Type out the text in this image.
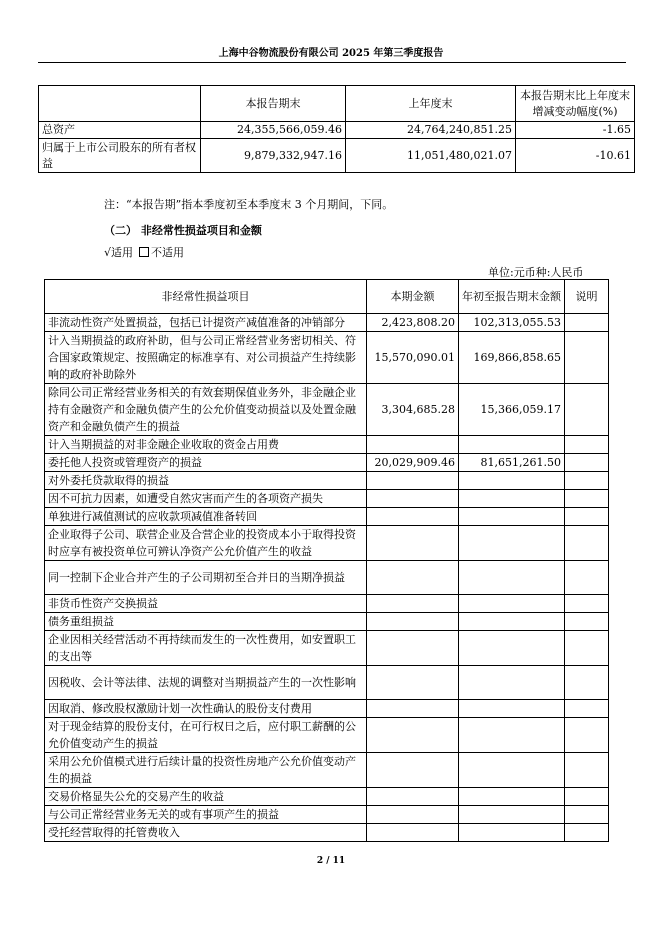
上海中谷物流股份有限公司 2025 年第三季度报告
	本报告期末	上年度末	本报告期末比上年度末增减变动幅度(%)
总资产	24,355,566,059.46	24,764,240,851.25	-1.65
归属于上市公司股东的所有者权益	9,879,332,947.16	11,051,480,021.07	-10.61
注：“本报告期”指本季度初至本季度末 3 个月期间，下同。
（二） 非经常性损益项目和金额
√适用 不适用
单位:元币种:人民币
非经常性损益项目	本期金额	年初至报告期末金额	说明
非流动性资产处置损益，包括已计提资产减值准备的冲销部分	2,423,808.20	102,313,055.53	
计入当期损益的政府补助，但与公司正常经营业务密切相关、符合国家政策规定、按照确定的标准享有、对公司损益产生持续影响的政府补助除外	15,570,090.01	169,866,858.65	
除同公司正常经营业务相关的有效套期保值业务外，非金融企业持有金融资产和金融负债产生的公允价值变动损益以及处置金融资产和金融负债产生的损益	3,304,685.28	15,366,059.17	
计入当期损益的对非金融企业收取的资金占用费			
委托他人投资或管理资产的损益	20,029,909.46	81,651,261.50	
对外委托贷款取得的损益			
因不可抗力因素，如遭受自然灾害而产生的各项资产损失			
单独进行减值测试的应收款项减值准备转回			
企业取得子公司、联营企业及合营企业的投资成本小于取得投资时应享有被投资单位可辨认净资产公允价值产生的收益			
同一控制下企业合并产生的子公司期初至合并日的当期净损益			
非货币性资产交换损益			
债务重组损益			
企业因相关经营活动不再持续而发生的一次性费用，如安置职工的支出等			
因税收、会计等法律、法规的调整对当期损益产生的一次性影响			
因取消、修改股权激励计划一次性确认的股份支付费用			
对于现金结算的股份支付，在可行权日之后，应付职工薪酬的公允价值变动产生的损益			
采用公允价值模式进行后续计量的投资性房地产公允价值变动产生的损益			
交易价格显失公允的交易产生的收益			
与公司正常经营业务无关的或有事项产生的损益			
受托经营取得的托管费收入			
2 / 11
